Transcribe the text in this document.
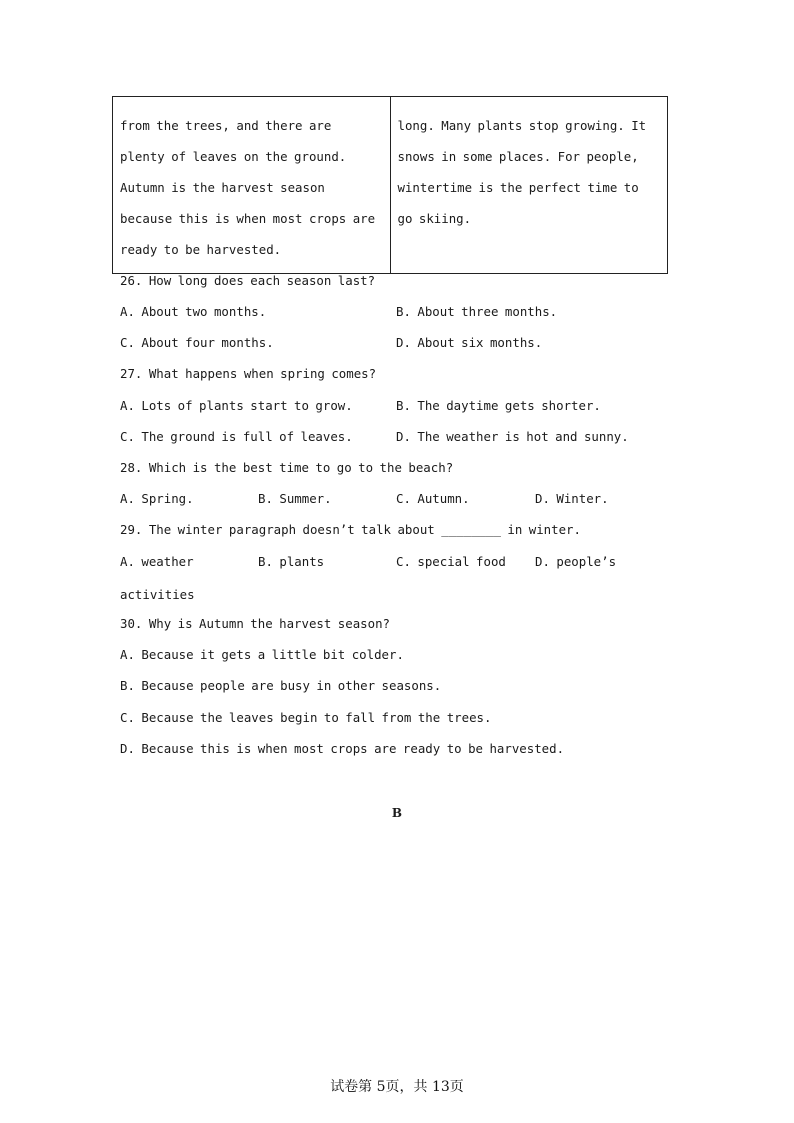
from the trees, and there are plenty of leaves on the ground. Autumn is the harvest season because this is when most crops are ready to be harvested.	long. Many plants stop growing. It snows in some places. For people, wintertime is the perfect time to go skiing.
26. How long does each season last?
A. About two months.	B. About three months.
C. About four months.	D. About six months.
27. What happens when spring comes?
A. Lots of plants start to grow.	B. The daytime gets shorter.
C. The ground is full of leaves.	D. The weather is hot and sunny.
28. Which is the best time to go to the beach?
A. Spring.	B. Summer.	C. Autumn.	D. Winter.
29. The winter paragraph doesn’t talk about ________ in winter.
A. weather	B. plants	C. special food D. people’s
activities
30. Why is Autumn the harvest season?
A. Because it gets a little bit colder.
B. Because people are busy in other seasons.
C. Because the leaves begin to fall from the trees.
D. Because this is when most crops are ready to be harvested.
B
试卷第 5页，共 13页
